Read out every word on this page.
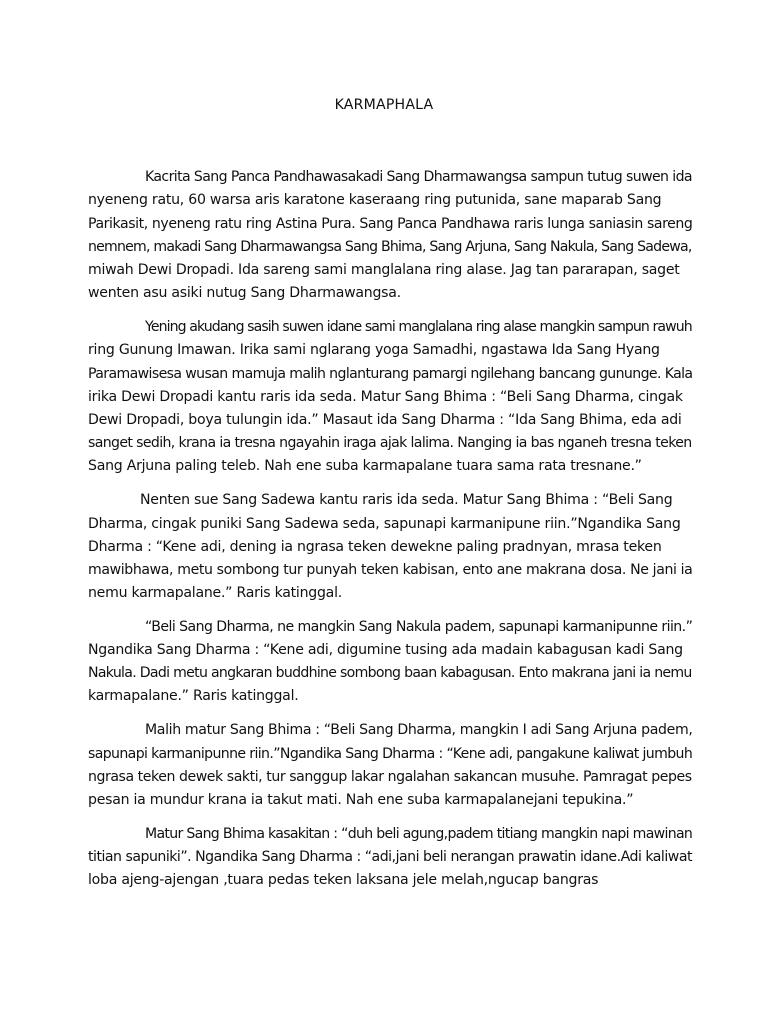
KARMAPHALA
Kacrita Sang Panca Pandhawasakadi Sang Dharmawangsa sampun tutug suwen ida
nyeneng ratu, 60 warsa aris karatone kaseraang ring putunida, sane maparab Sang
Parikasit, nyeneng ratu ring Astina Pura. Sang Panca Pandhawa raris lunga saniasin sareng
nemnem, makadi Sang Dharmawangsa Sang Bhima, Sang Arjuna, Sang Nakula, Sang Sadewa,
miwah Dewi Dropadi. Ida sareng sami manglalana ring alase. Jag tan pararapan, saget
wenten asu asiki nutug Sang Dharmawangsa.
Yening akudang sasih suwen idane sami manglalana ring alase mangkin sampun rawuh
ring Gunung Imawan. Irika sami nglarang yoga Samadhi, ngastawa Ida Sang Hyang
Paramawisesa wusan mamuja malih nglanturang pamargi ngilehang bancang gununge. Kala
irika Dewi Dropadi kantu raris ida seda. Matur Sang Bhima : “Beli Sang Dharma, cingak
Dewi Dropadi, boya tulungin ida.” Masaut ida Sang Dharma : “Ida Sang Bhima, eda adi
sanget sedih, krana ia tresna ngayahin iraga ajak lalima. Nanging ia bas nganeh tresna teken
Sang Arjuna paling teleb. Nah ene suba karmapalane tuara sama rata tresnane.”
Nenten sue Sang Sadewa kantu raris ida seda. Matur Sang Bhima : “Beli Sang
Dharma, cingak puniki Sang Sadewa seda, sapunapi karmanipune riin.”Ngandika Sang
Dharma : “Kene adi, dening ia ngrasa teken dewekne paling pradnyan, mrasa teken
mawibhawa, metu sombong tur punyah teken kabisan, ento ane makrana dosa. Ne jani ia
nemu karmapalane.” Raris katinggal.
“Beli Sang Dharma, ne mangkin Sang Nakula padem, sapunapi karmanipunne riin.”
Ngandika Sang Dharma : “Kene adi, digumine tusing ada madain kabagusan kadi Sang
Nakula. Dadi metu angkaran buddhine sombong baan kabagusan. Ento makrana jani ia nemu
karmapalane.” Raris katinggal.
Malih matur Sang Bhima : “Beli Sang Dharma, mangkin I adi Sang Arjuna padem,
sapunapi karmanipunne riin.”Ngandika Sang Dharma : “Kene adi, pangakune kaliwat jumbuh
ngrasa teken dewek sakti, tur sanggup lakar ngalahan sakancan musuhe. Pamragat pepes
pesan ia mundur krana ia takut mati. Nah ene suba karmapalanejani tepukina.”
Matur Sang Bhima kasakitan : “duh beli agung,padem titiang mangkin napi mawinan
titian sapuniki”. Ngandika Sang Dharma : “adi,jani beli nerangan prawatin idane.Adi kaliwat
loba ajeng-ajengan ,tuara pedas teken laksana jele melah,ngucap bangras
